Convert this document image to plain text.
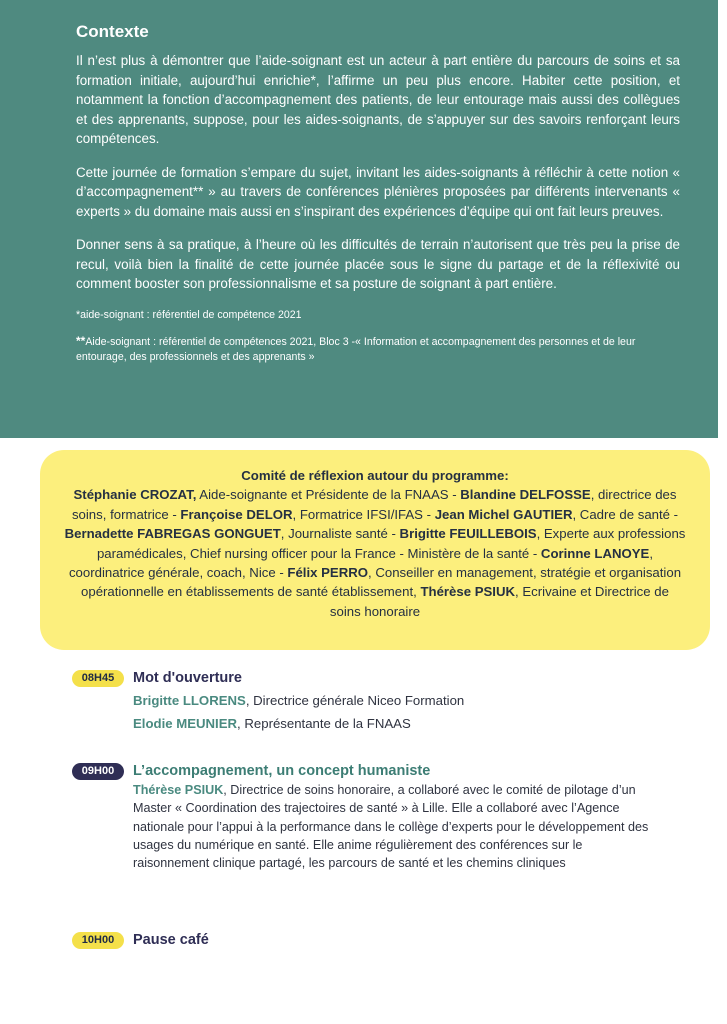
Contexte

Il n’est plus à démontrer que l’aide-soignant est un acteur à part entière du parcours de soins et sa formation initiale, aujourd’hui enrichie*, l’affirme un peu plus encore. Habiter cette position, et notamment la fonction d’accompagnement des patients, de leur entourage mais aussi des collègues et des apprenants, suppose, pour les aides-soignants, de s’appuyer sur des savoirs renforçant leurs compétences.

Cette journée de formation s’empare du sujet, invitant les aides-soignants à réfléchir à cette notion « d’accompagnement** » au travers de conférences plénières proposées par différents intervenants « experts » du domaine mais aussi en s’inspirant des expériences d’équipe qui ont fait leurs preuves.

Donner sens à sa pratique, à l’heure où les difficultés de terrain n’autorisent que très peu la prise de recul, voilà bien la finalité de cette journée placée sous le signe du partage et de la réflexivité ou comment booster son professionnalisme et sa posture de soignant à part entière.

*aide-soignant : référentiel de compétence 2021

**Aide-soignant : référentiel de compétences 2021, Bloc 3 -« Information et accompagnement des personnes et de leur entourage, des professionnels et des apprenants »

Comité de réflexion autour du programme:
Stéphanie CROZAT, Aide-soignante et Présidente de la FNAAS - Blandine DELFOSSE, directrice des soins, formatrice - Françoise DELOR, Formatrice IFSI/IFAS - Jean Michel GAUTIER, Cadre de santé - Bernadette FABREGAS GONGUET, Journaliste santé - Brigitte FEUILLEBOIS, Experte aux professions paramédicales, Chief nursing officer pour la France - Ministère de la santé - Corinne LANOYE, coordinatrice générale, coach, Nice - Félix PERRO, Conseiller en management, stratégie et organisation opérationnelle en établissements de santé établissement, Thérèse PSIUK, Ecrivaine et Directrice de soins honoraire
08H45	Mot d'ouverture

Brigitte LLORENS, Directrice générale Niceo Formation

Elodie MEUNIER, Représentante de la FNAAS

09H00	L’accompagnement, un concept humaniste

Thérèse PSIUK, Directrice de soins honoraire, a collaboré avec le comité de pilotage d’un Master « Coordination des trajectoires de santé » à Lille. Elle a collaboré avec l’Agence nationale pour l’appui à la performance dans le collège d’experts pour le développement des usages du numérique en santé. Elle anime régulièrement des conférences sur le raisonnement clinique partagé, les parcours de santé et les chemins cliniques

10H00	Pause café
